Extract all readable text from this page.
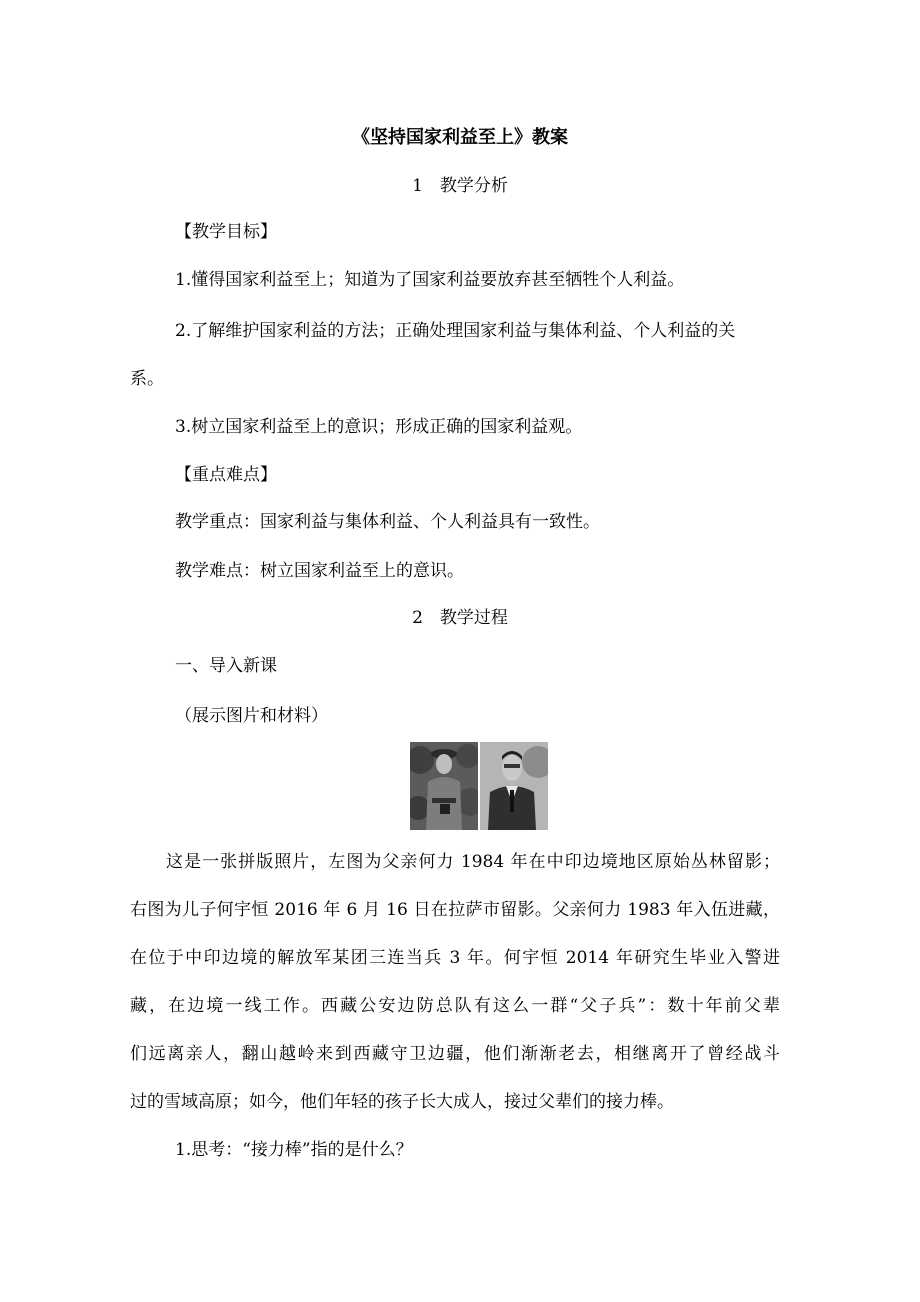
《坚持国家利益至上》教案
1　教学分析
【教学目标】
1.懂得国家利益至上；知道为了国家利益要放弃甚至牺牲个人利益。
2.了解维护国家利益的方法；正确处理国家利益与集体利益、个人利益的关
系。
3.树立国家利益至上的意识；形成正确的国家利益观。
【重点难点】
教学重点：国家利益与集体利益、个人利益具有一致性。
教学难点：树立国家利益至上的意识。
2　教学过程
一、导入新课
（展示图片和材料）
　　这是一张拼版照片，左图为父亲何力 1984 年在中印边境地区原始丛林留影；
右图为儿子何宇恒 2016 年 6 月 16 日在拉萨市留影。父亲何力 1983 年入伍进藏，
在位于中印边境的解放军某团三连当兵 3 年。何宇恒 2014 年研究生毕业入警进
藏，在边境一线工作。西藏公安边防总队有这么一群“父子兵”：数十年前父辈
们远离亲人，翻山越岭来到西藏守卫边疆，他们渐渐老去，相继离开了曾经战斗
过的雪域高原；如今，他们年轻的孩子长大成人，接过父辈们的接力棒。
1.思考：“接力棒”指的是什么？
